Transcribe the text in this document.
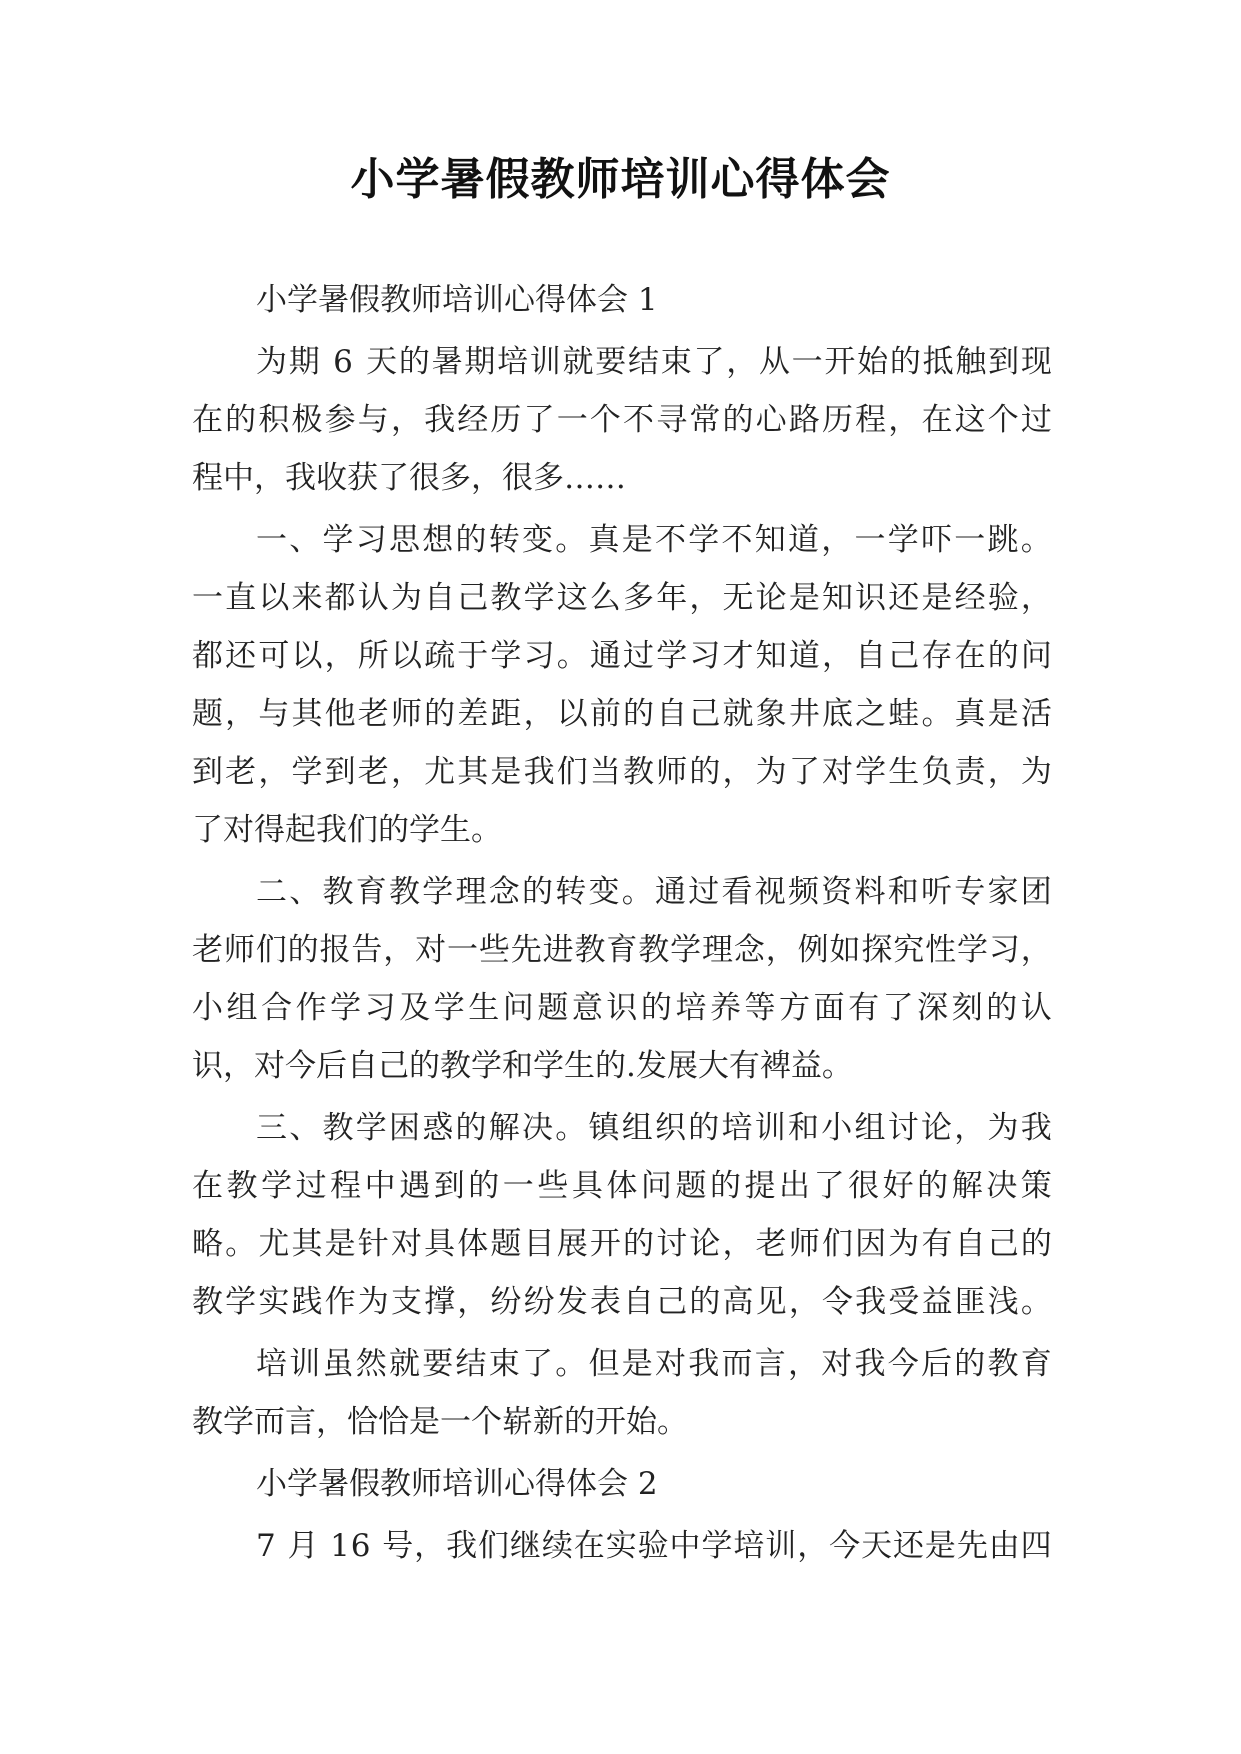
小学暑假教师培训心得体会
小学暑假教师培训心得体会 1
为 期
6
天 的 暑 期 培 训 就 要 结 束 了 ， 从 一 开 始 的 抵 触 到 现
在 的 积 极 参 与 ， 我 经 历 了 一 个 不 寻 常 的 心 路 历 程 ， 在 这 个 过
程中，我收获了很多，很多……
一 、 学 习 思 想 的 转 变 。 真 是 不 学 不 知 道 ， 一 学 吓 一 跳 。
一 直 以 来 都 认 为 自 己 教 学 这 么 多 年 ， 无 论 是 知 识 还 是 经 验 ，
都 还 可 以 ， 所 以 疏 于 学 习 。 通 过 学 习 才 知 道 ， 自 己 存 在 的 问
题 ， 与 其 他 老 师 的 差 距 ， 以 前 的 自 己 就 象 井 底 之 蛙 。 真 是 活
到 老 ， 学 到 老 ， 尤 其 是 我 们 当 教 师 的 ， 为 了 对 学 生 负 责 ， 为
了对得起我们的学生。
二 、 教 育 教 学 理 念 的 转 变 。 通 过 看 视 频 资 料 和 听 专 家 团
老 师 们 的 报 告 ， 对 一 些 先 进 教 育 教 学 理 念 ， 例 如 探 究 性 学 习 ，
小 组 合 作 学 习 及 学 生 问 题 意 识 的 培 养 等 方 面 有 了 深 刻 的 认
识，对今后自己的教学和学生的.发展大有裨益。
三 、 教 学 困 惑 的 解 决 。 镇 组 织 的 培 训 和 小 组 讨 论 ， 为 我
在 教 学 过 程 中 遇 到 的 一 些 具 体 问 题 的 提 出 了 很 好 的 解 决 策
略 。 尤 其 是 针 对 具 体 题 目 展 开 的 讨 论 ， 老 师 们 因 为 有 自 己 的
教 学 实 践 作 为 支 撑 ， 纷 纷 发 表 自 己 的 高 见 ， 令 我 受 益 匪 浅 。
培 训 虽 然 就 要 结 束 了 。 但 是 对 我 而 言 ， 对 我 今 后 的 教 育
教学而言，恰恰是一个崭新的开始。
小学暑假教师培训心得体会 2
7
月
1 6
号 ， 我 们 继 续 在 实 验 中 学 培 训 ， 今 天 还 是 先 由 四
